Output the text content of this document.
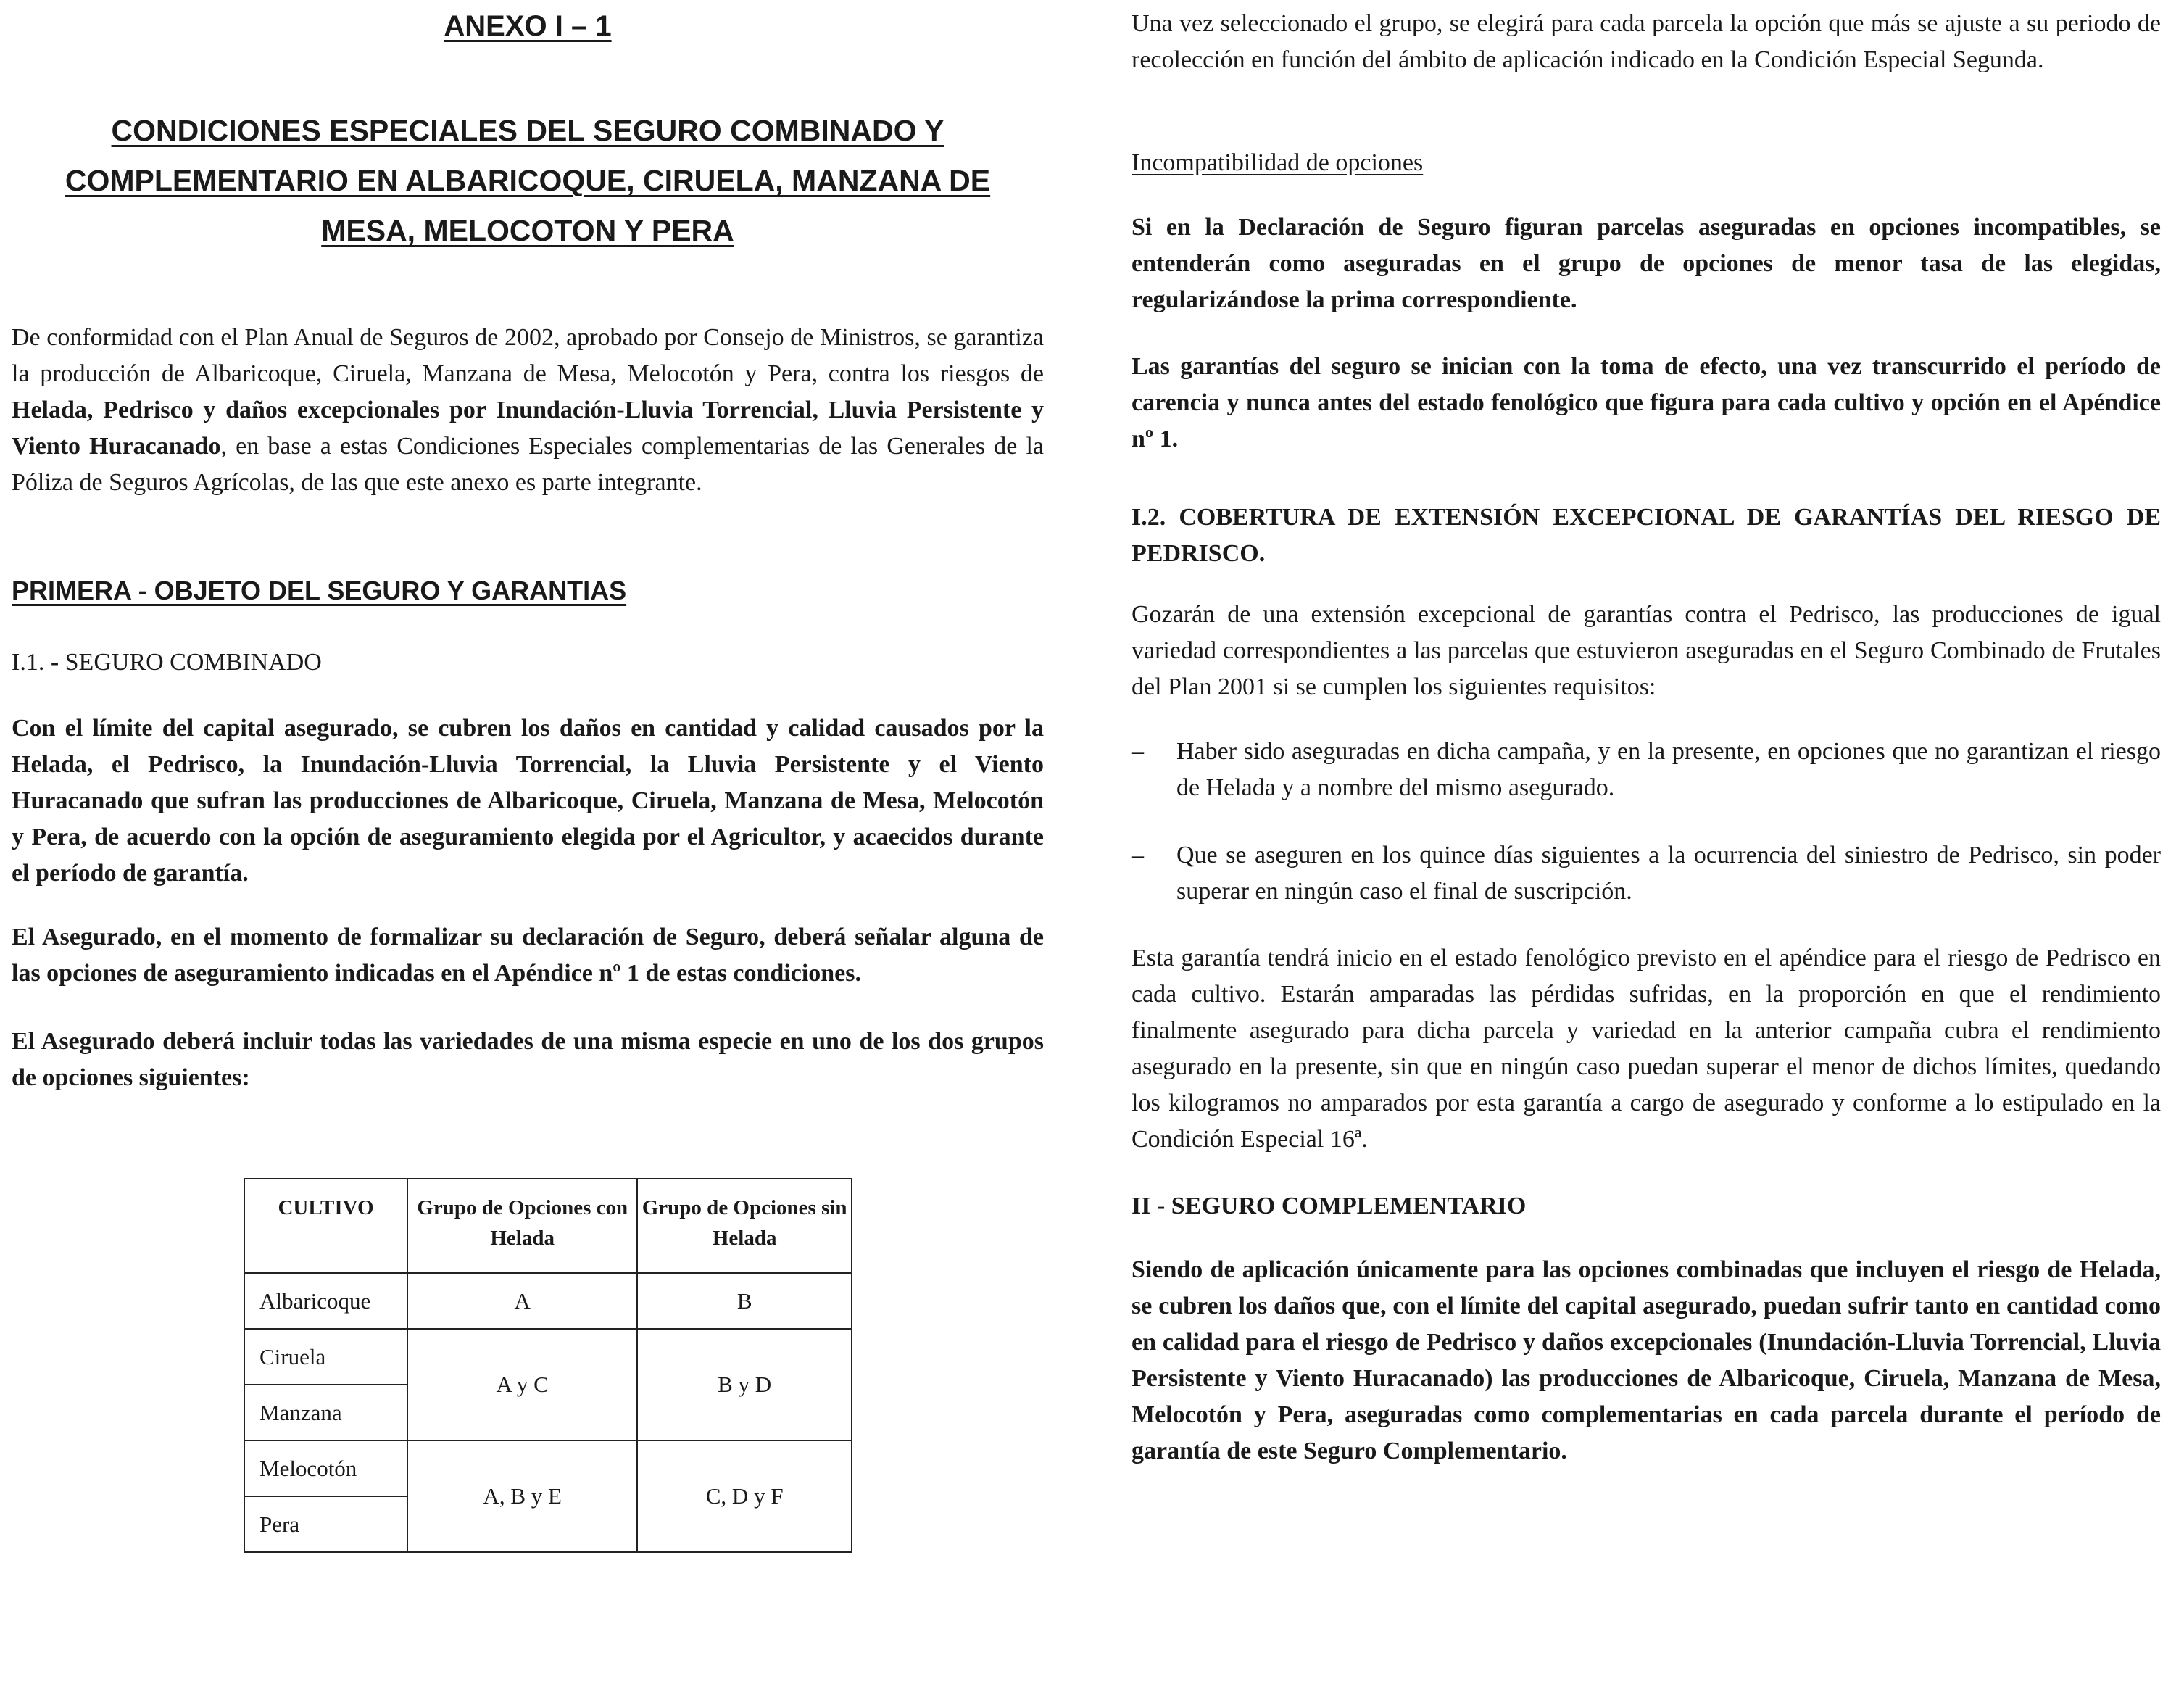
ANEXO I – 1
CONDICIONES ESPECIALES DEL SEGURO COMBINADO Y
COMPLEMENTARIO EN ALBARICOQUE, CIRUELA, MANZANA DE
MESA, MELOCOTON Y PERA

De conformidad con el Plan Anual de Seguros de 2002, aprobado por Consejo de Ministros, se garantiza la producción de Albaricoque, Ciruela, Manzana de Mesa, Melocotón y Pera, contra los riesgos de Helada, Pedrisco y daños excepcionales por Inundación-Lluvia Torrencial, Lluvia Persistente y Viento Huracanado, en base a estas Condiciones Especiales complementarias de las Generales de la Póliza de Seguros Agrícolas, de las que este anexo es parte integrante.

PRIMERA - OBJETO DEL SEGURO Y GARANTIAS
I.1. - SEGURO COMBINADO

Con el límite del capital asegurado, se cubren los daños en cantidad y calidad causados por la Helada, el Pedrisco, la Inundación-Lluvia Torrencial, la Lluvia Persistente y el Viento Huracanado que sufran las producciones de Albaricoque, Ciruela, Manzana de Mesa, Melocotón y Pera, de acuerdo con la opción de aseguramiento elegida por el Agricultor, y acaecidos durante el período de garantía.

El Asegurado, en el momento de formalizar su declaración de Seguro, deberá señalar alguna de las opciones de aseguramiento indicadas en el Apéndice nº 1 de estas condiciones.

El Asegurado deberá incluir todas las variedades de una misma especie en uno de los dos grupos de opciones siguientes:

CULTIVO	Grupo de Opciones con Helada	Grupo de Opciones sin Helada
Albaricoque	A	B
Ciruela	A y C	B y D
Manzana		
Melocotón	A, B y E	C, D y F
Pera		

Una vez seleccionado el grupo, se elegirá para cada parcela la opción que más se ajuste a su periodo de recolección en función del ámbito de aplicación indicado en la Condición Especial Segunda.

Incompatibilidad de opciones

Si en la Declaración de Seguro figuran parcelas aseguradas en opciones incompatibles, se entenderán como aseguradas en el grupo de opciones de menor tasa de las elegidas, regularizándose la prima correspondiente.

Las garantías del seguro se inician con la toma de efecto, una vez transcurrido el período de carencia y nunca antes del estado fenológico que figura para cada cultivo y opción en el Apéndice nº 1.

I.2. COBERTURA DE EXTENSIÓN EXCEPCIONAL DE GARANTÍAS DEL RIESGO DE PEDRISCO.

Gozarán de una extensión excepcional de garantías contra el Pedrisco, las producciones de igual variedad correspondientes a las parcelas que estuvieron aseguradas en el Seguro Combinado de Frutales del Plan 2001 si se cumplen los siguientes requisitos:

–	Haber sido aseguradas en dicha campaña, y en la presente, en opciones que no garantizan el riesgo de Helada y a nombre del mismo asegurado.
–	Que se aseguren en los quince días siguientes a la ocurrencia del siniestro de Pedrisco, sin poder superar en ningún caso el final de suscripción.

Esta garantía tendrá inicio en el estado fenológico previsto en el apéndice para el riesgo de Pedrisco en cada cultivo. Estarán amparadas las pérdidas sufridas, en la proporción en que el rendimiento finalmente asegurado para dicha parcela y variedad en la anterior campaña cubra el rendimiento asegurado en la presente, sin que en ningún caso puedan superar el menor de dichos límites, quedando los kilogramos no amparados por esta garantía a cargo de asegurado y conforme a lo estipulado en la Condición Especial 16ª.

II - SEGURO COMPLEMENTARIO

Siendo de aplicación únicamente para las opciones combinadas que incluyen el riesgo de Helada, se cubren los daños que, con el límite del capital asegurado, puedan sufrir tanto en cantidad como en calidad para el riesgo de Pedrisco y daños excepcionales (Inundación-Lluvia Torrencial, Lluvia Persistente y Viento Huracanado) las producciones de Albaricoque, Ciruela, Manzana de Mesa, Melocotón y Pera, aseguradas como complementarias en cada parcela durante el período de garantía de este Seguro Complementario.
